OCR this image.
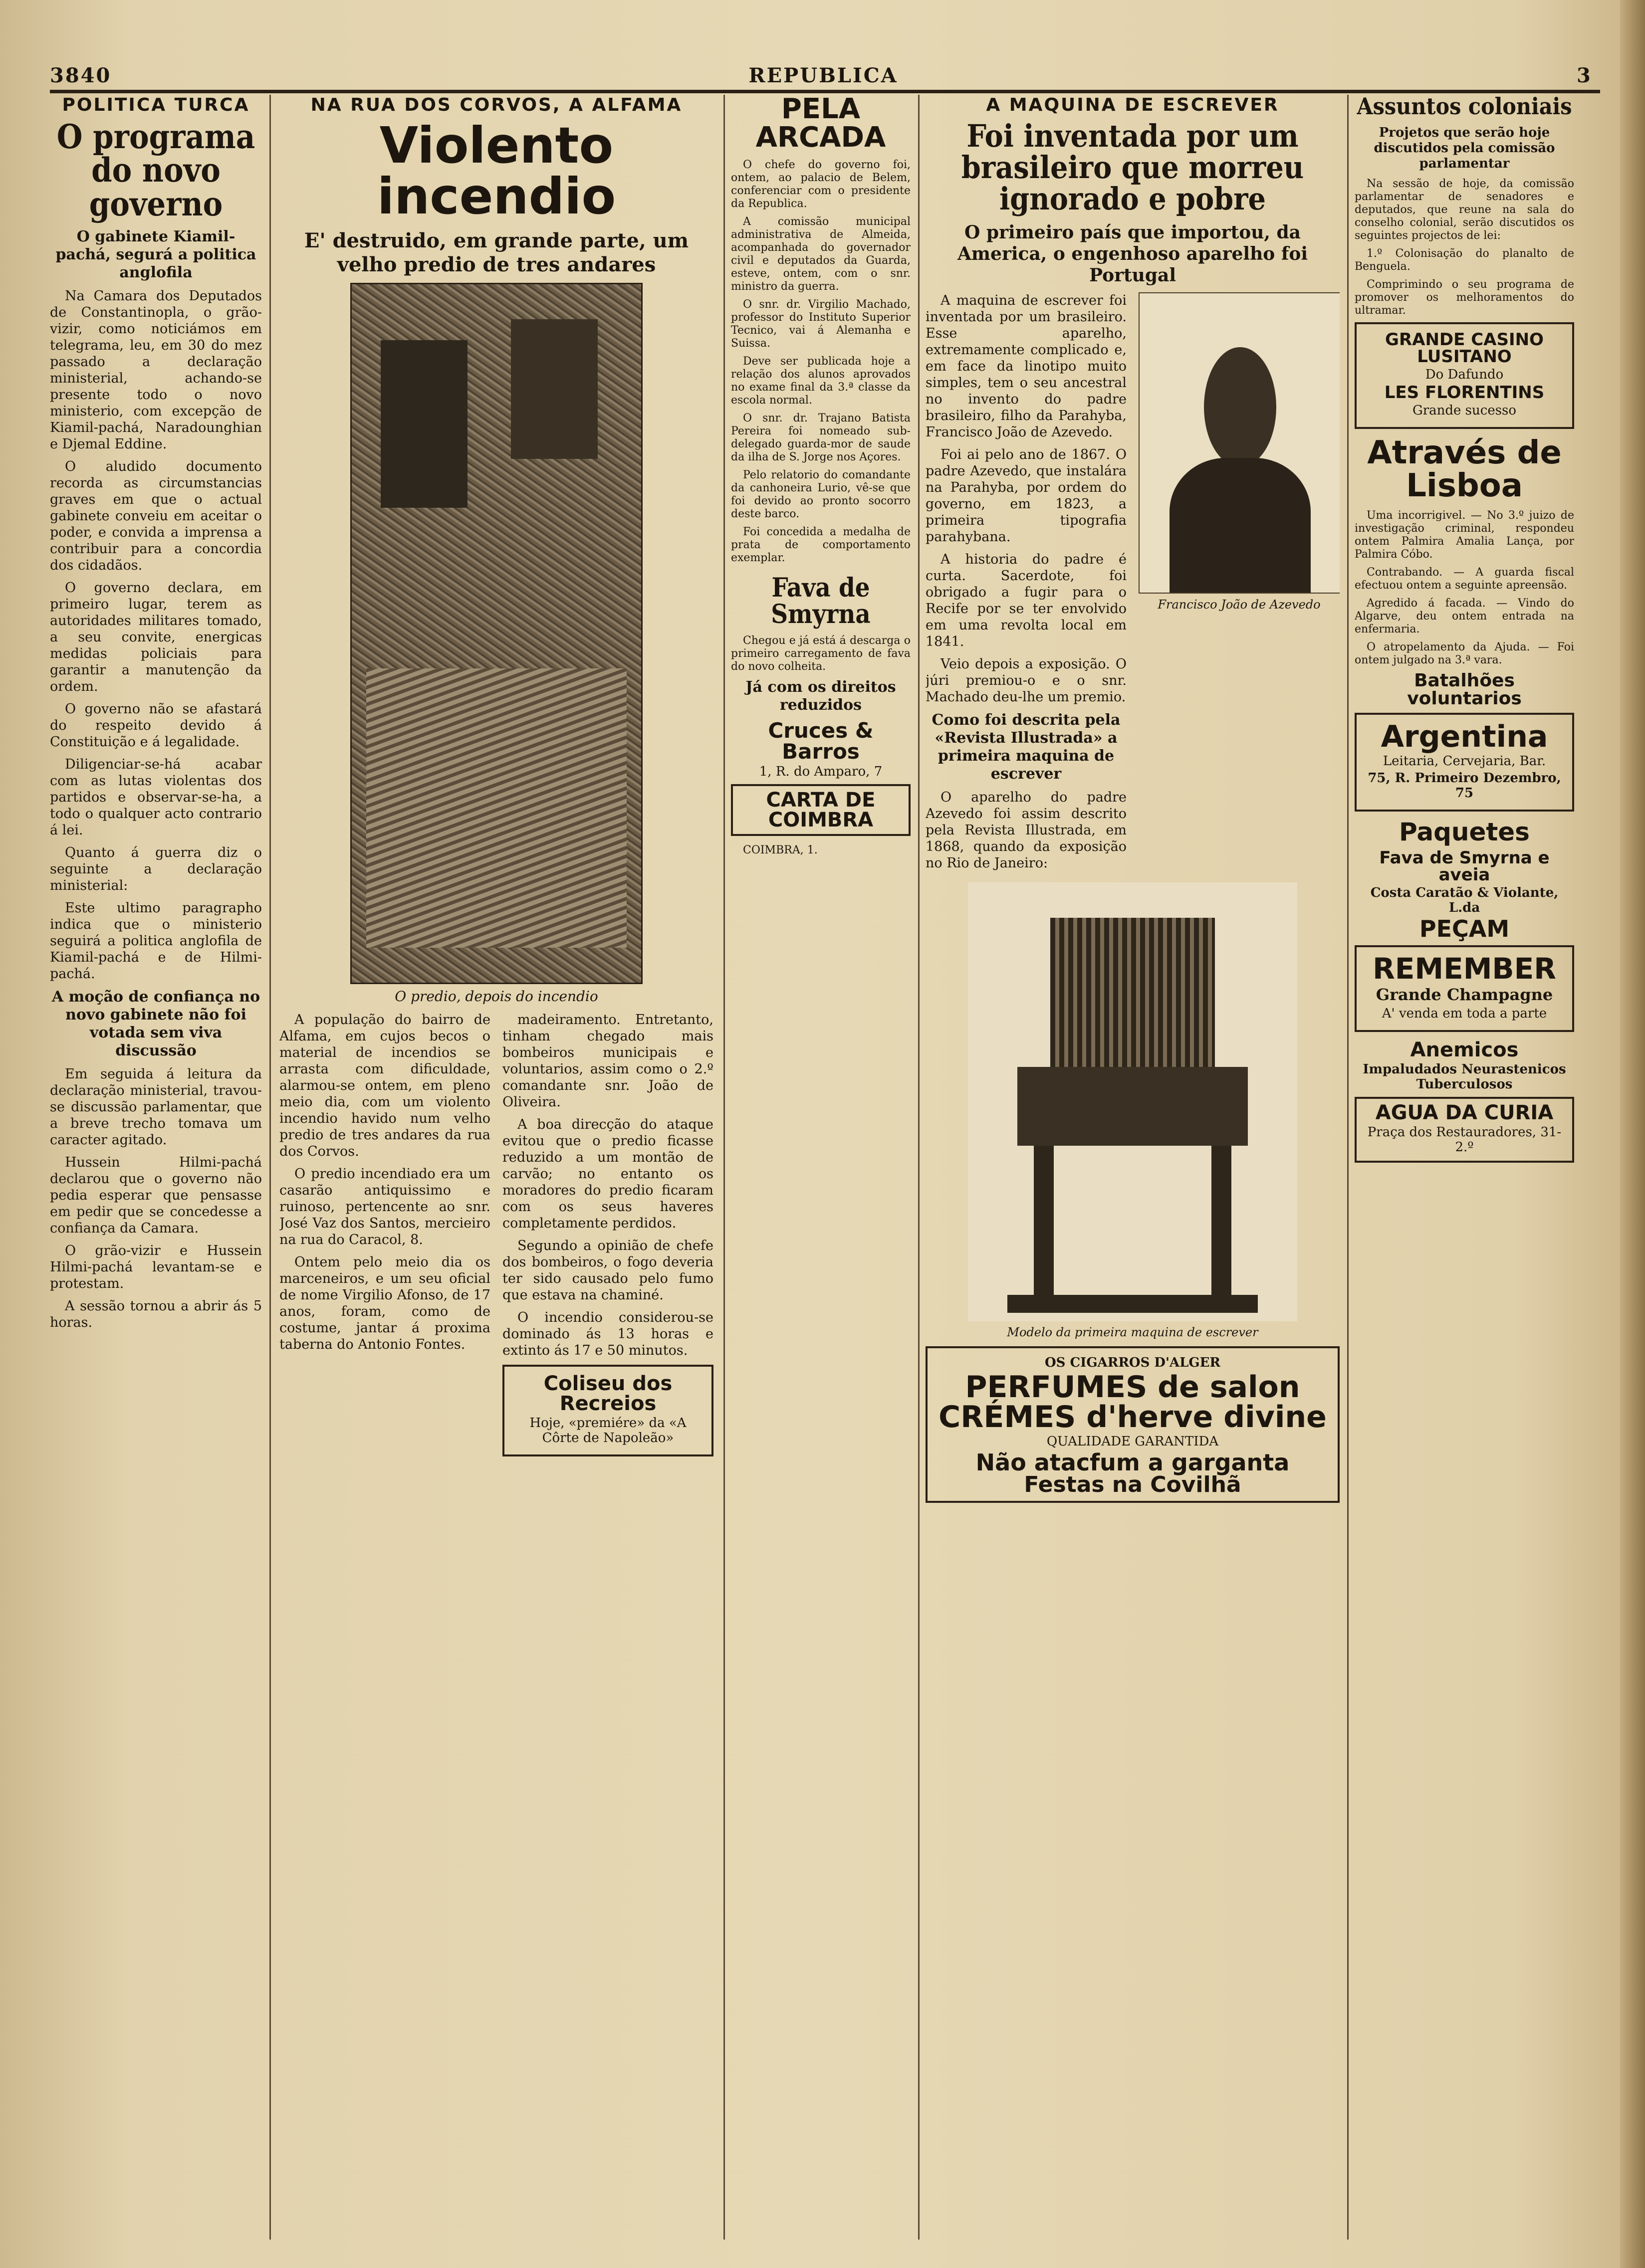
3840	REPUBLICA	3
POLITICA TURCA
O programa do novo governo
O gabinete Kiamil-pachá, segurá a politica anglofila

Na Camara dos Deputados de Constantinopla, o grão-vizir, como noticiámos em telegrama, leu, em 30 do mez passado a declaração ministerial, achando-se presente todo o novo ministerio, com excepção de Kiamil-pachá, Naradounghian e Djemal Eddine.

O aludido documento recorda as circumstancias graves em que o actual gabinete conveiu em aceitar o poder, e convida a imprensa a contribuir para a concordia dos cidadãos.

O governo declara, em primeiro lugar, terem as autoridades militares tomado, a seu convite, energicas medidas policiais para garantir a manutenção da ordem.

O governo não se afastará do respeito devido á Constituição e á legalidade.

Diligenciar-se-há acabar com as lutas violentas dos partidos e observar-se-ha, a todo o qualquer acto contrario á lei.

Quanto á guerra diz o seguinte a declaração ministerial:

Este ultimo paragrapho indica que o ministerio seguirá a politica anglofila de Kiamil-pachá e de Hilmi-pachá.

A moção de confiança no novo gabinete não foi votada sem viva discussão

Em seguida á leitura da declaração ministerial, travou-se discussão parlamentar, que a breve trecho tomava um caracter agitado.

Hussein Hilmi-pachá declarou que o governo não pedia esperar que pensasse em pedir que se concedesse a confiança da Camara.

O grão-vizir e Hussein Hilmi-pachá levantam-se e protestam.

A sessão tornou a abrir ás 5 horas.

NA RUA DOS CORVOS, A ALFAMA
Violento incendio
E' destruido, em grande parte, um velho predio de tres andares
O predio, depois do incendio

A população do bairro de Alfama, em cujos becos o material de incendios se arrasta com dificuldade, alarmou-se ontem, em pleno meio dia, com um violento incendio havido num velho predio de tres andares da rua dos Corvos.

O predio incendiado era um casarão antiquissimo e ruinoso, pertencente ao snr. José Vaz dos Santos, mercieiro na rua do Caracol, 8.

Ontem pelo meio dia os marceneiros, e um seu oficial de nome Virgilio Afonso, de 17 anos, foram, como de costume, jantar á proxima taberna do Antonio Fontes.

madeiramento. Entretanto, tinham chegado mais bombeiros municipais e voluntarios, assim como o 2.º comandante snr. João de Oliveira.

A boa direcção do ataque evitou que o predio ficasse reduzido a um montão de carvão; no entanto os moradores do predio ficaram com os seus haveres completamente perdidos.

Segundo a opinião de chefe dos bombeiros, o fogo deveria ter sido causado pelo fumo que estava na chaminé.

O incendio considerou-se dominado ás 13 horas e extinto ás 17 e 50 minutos.

Coliseu dos Recreios
Hoje, «premiére» da «A Côrte de Napoleão»
PELA ARCADA

O chefe do governo foi, ontem, ao palacio de Belem, conferenciar com o presidente da Republica.

A comissão municipal administrativa de Almeida, acompanhada do governador civil e deputados da Guarda, esteve, ontem, com o snr. ministro da guerra.

O snr. dr. Virgilio Machado, professor do Instituto Superior Tecnico, vai á Alemanha e Suissa.

Deve ser publicada hoje a relação dos alunos aprovados no exame final da 3.ª classe da escola normal.

O snr. dr. Trajano Batista Pereira foi nomeado sub-delegado guarda-mor de saude da ilha de S. Jorge nos Açores.

Pelo relatorio do comandante da canhoneira Lurio, vê-se que foi devido ao pronto socorro deste barco.

Foi concedida a medalha de prata de comportamento exemplar.

Fava de Smyrna

Chegou e já está á descarga o primeiro carregamento de fava do novo colheita.

Já com os direitos reduzidos
Cruces & Barros
1, R. do Amparo, 7
CARTA DE COIMBRA

COIMBRA, 1.

A MAQUINA DE ESCREVER
Foi inventada por um brasileiro que morreu ignorado e pobre
O primeiro país que importou, da America, o engenhoso aparelho foi Portugal

A maquina de escrever foi inventada por um brasileiro. Esse aparelho, extremamente complicado e, em face da linotipo muito simples, tem o seu ancestral no invento do padre brasileiro, filho da Parahyba, Francisco João de Azevedo.

Foi ai pelo ano de 1867. O padre Azevedo, que instalára na Parahyba, por ordem do governo, em 1823, a primeira tipografia parahybana.

A historia do padre é curta. Sacerdote, foi obrigado a fugir para o Recife por se ter envolvido em uma revolta local em 1841.

Veio depois a exposição. O júri premiou-o e o snr. Machado deu-lhe um premio.

Como foi descrita pela «Revista Illustrada» a primeira maquina de escrever

O aparelho do padre Azevedo foi assim descrito pela Revista Illustrada, em 1868, quando da exposição no Rio de Janeiro:

Francisco João de Azevedo
Modelo da primeira maquina de escrever
OS CIGARROS D'ALGER
PERFUMES de salon
CRÉMES d'herve divine
QUALIDADE GARANTIDA
Não atacfum a garganta
Festas na Covilhã
Assuntos coloniais
Projetos que serão hoje discutidos pela comissão parlamentar

Na sessão de hoje, da comissão parlamentar de senadores e deputados, que reune na sala do conselho colonial, serão discutidos os seguintes projectos de lei:

1.º Colonisação do planalto de Benguela.

Comprimindo o seu programa de promover os melhoramentos do ultramar.

GRANDE CASINO LUSITANO
Do Dafundo
LES FLORENTINS
Grande sucesso
Através de Lisboa

Uma incorrigivel. — No 3.º juizo de investigação criminal, respondeu ontem Palmira Amalia Lança, por Palmira Cóbo.

Contrabando. — A guarda fiscal efectuou ontem a seguinte apreensão.

Agredido á facada. — Vindo do Algarve, deu ontem entrada na enfermaria.

O atropelamento da Ajuda. — Foi ontem julgado na 3.ª vara.

Batalhões voluntarios
Argentina
Leitaria, Cervejaria, Bar.
75, R. Primeiro Dezembro, 75
Paquetes
Fava de Smyrna e aveia
Costa Caratão & Violante, L.da
PEÇAM
REMEMBER
Grande Champagne
A' venda em toda a parte
Anemicos
Impaludados Neurastenicos Tuberculosos
AGUA DA CURIA
Praça dos Restauradores, 31-2.º
